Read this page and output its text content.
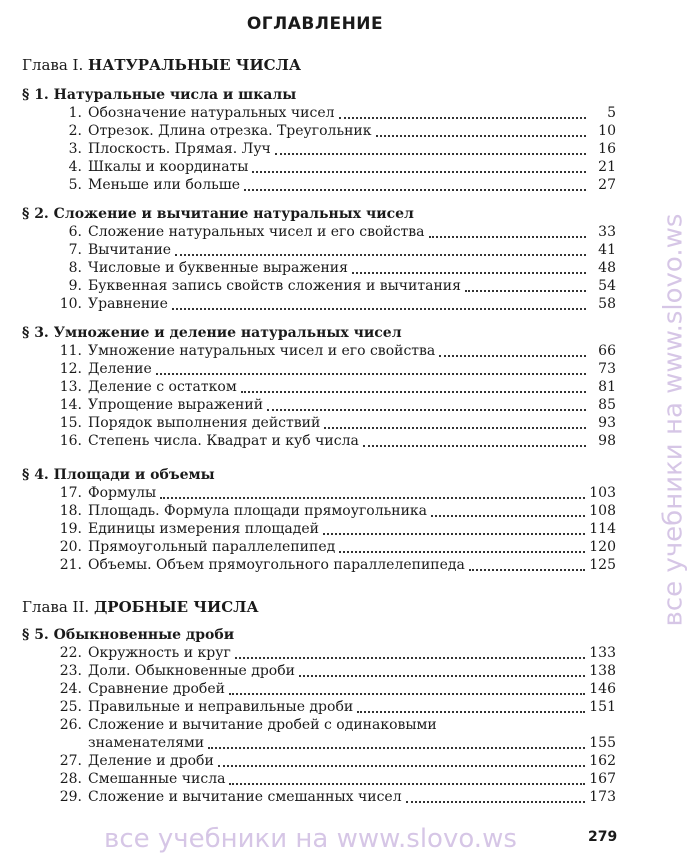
ОГЛАВЛЕНИЕ
Глава I. НАТУРАЛЬНЫЕ ЧИСЛА
§ 1. Натуральные числа и шкалы
1. Обозначение натуральных чисел	5
2. Отрезок. Длина отрезка. Треугольник	10
3. Плоскость. Прямая. Луч	16
4. Шкалы и координаты	21
5. Меньше или больше	27
§ 2. Сложение и вычитание натуральных чисел
6. Сложение натуральных чисел и его свойства	33
7. Вычитание	41
8. Числовые и буквенные выражения	48
9. Буквенная запись свойств сложения и вычитания	54
10. Уравнение	58
§ 3. Умножение и деление натуральных чисел
11. Умножение натуральных чисел и его свойства	66
12. Деление	73
13. Деление с остатком	81
14. Упрощение выражений	85
15. Порядок выполнения действий	93
16. Степень числа. Квадрат и куб числа	98
§ 4. Площади и объемы
17. Формулы	103
18. Площадь. Формула площади прямоугольника	108
19. Единицы измерения площадей	114
20. Прямоугольный параллелепипед	120
21. Объемы. Объем прямоугольного параллелепипеда	125
Глава II. ДРОБНЫЕ ЧИСЛА
§ 5. Обыкновенные дроби
22. Окружность и круг	133
23. Доли. Обыкновенные дроби	138
24. Сравнение дробей	146
25. Правильные и неправильные дроби	151
26. Сложение и вычитание дробей с одинаковыми
знаменателями	155
27. Деление и дроби	162
28. Смешанные числа	167
29. Сложение и вычитание смешанных чисел	173
все учебники на www.slovo.ws
все учебники на www.slovo.ws	279
